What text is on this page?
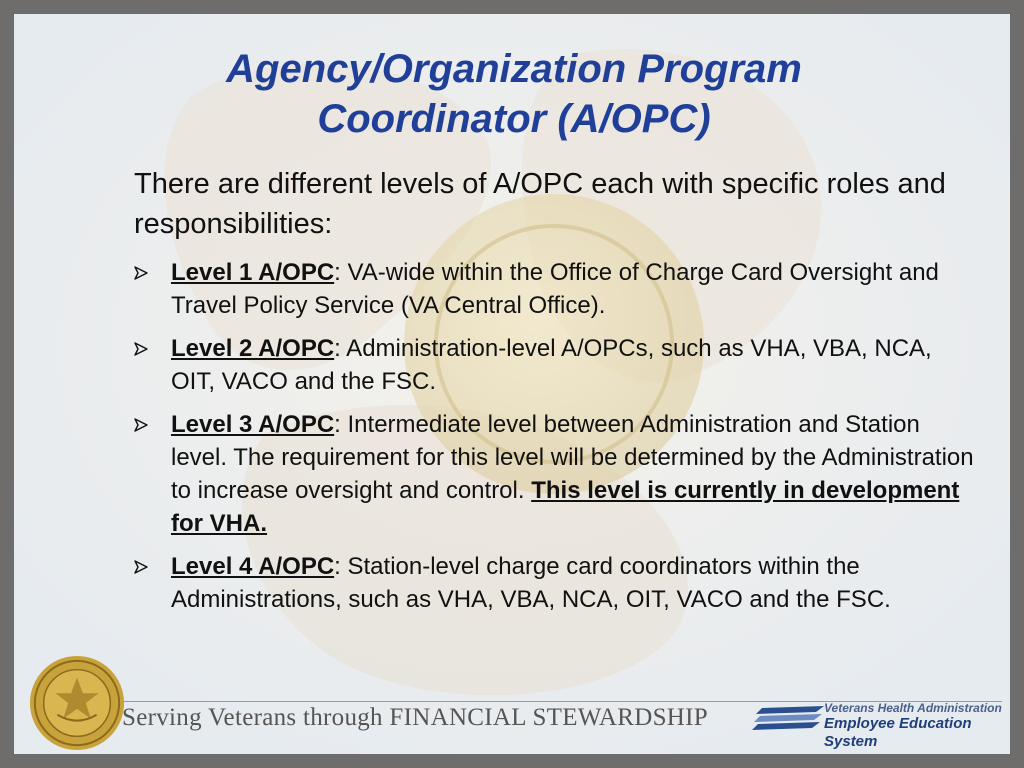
Agency/Organization Program
Coordinator (A/OPC)

There are different levels of A/OPC each with specific roles and responsibilities:

Level 1 A/OPC: VA-wide within the Office of Charge Card Oversight and Travel Policy Service (VA Central Office).
Level 2 A/OPC: Administration-level A/OPCs, such as VHA, VBA, NCA, OIT, VACO and the FSC.
Level 3 A/OPC: Intermediate level between Administration and Station level. The requirement for this level will be determined by the Administration to increase oversight and control. This level is currently in development for VHA.
Level 4 A/OPC: Station-level charge card coordinators within the Administrations, such as VHA, VBA, NCA, OIT, VACO and the FSC.
Serving Veterans through FINANCIAL STEWARDSHIP	Veterans Health Administration
Employee Education System
